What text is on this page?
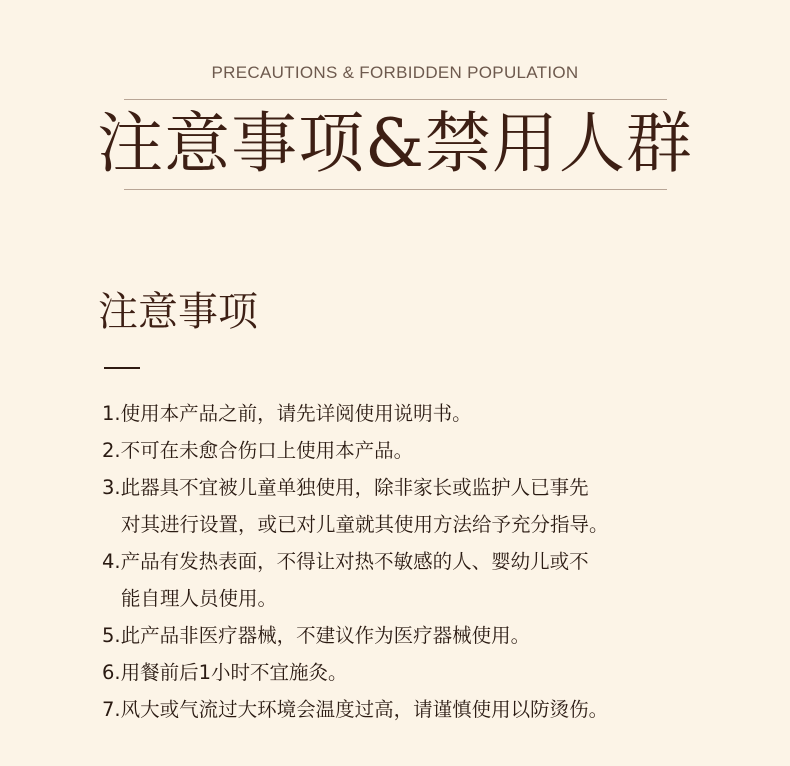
PRECAUTIONS & FORBIDDEN POPULATION
注意事项&禁用人群
注意事项
1.使用本产品之前，请先详阅使用说明书。
2.不可在未愈合伤口上使用本产品。
3.此器具不宜被儿童单独使用，除非家长或监护人已事先
对其进行设置，或已对儿童就其使用方法给予充分指导。
4.产品有发热表面，不得让对热不敏感的人、婴幼儿或不
能自理人员使用。
5.此产品非医疗器械，不建议作为医疗器械使用。
6.用餐前后1小时不宜施灸。
7.风大或气流过大环境会温度过高，请谨慎使用以防烫伤。
